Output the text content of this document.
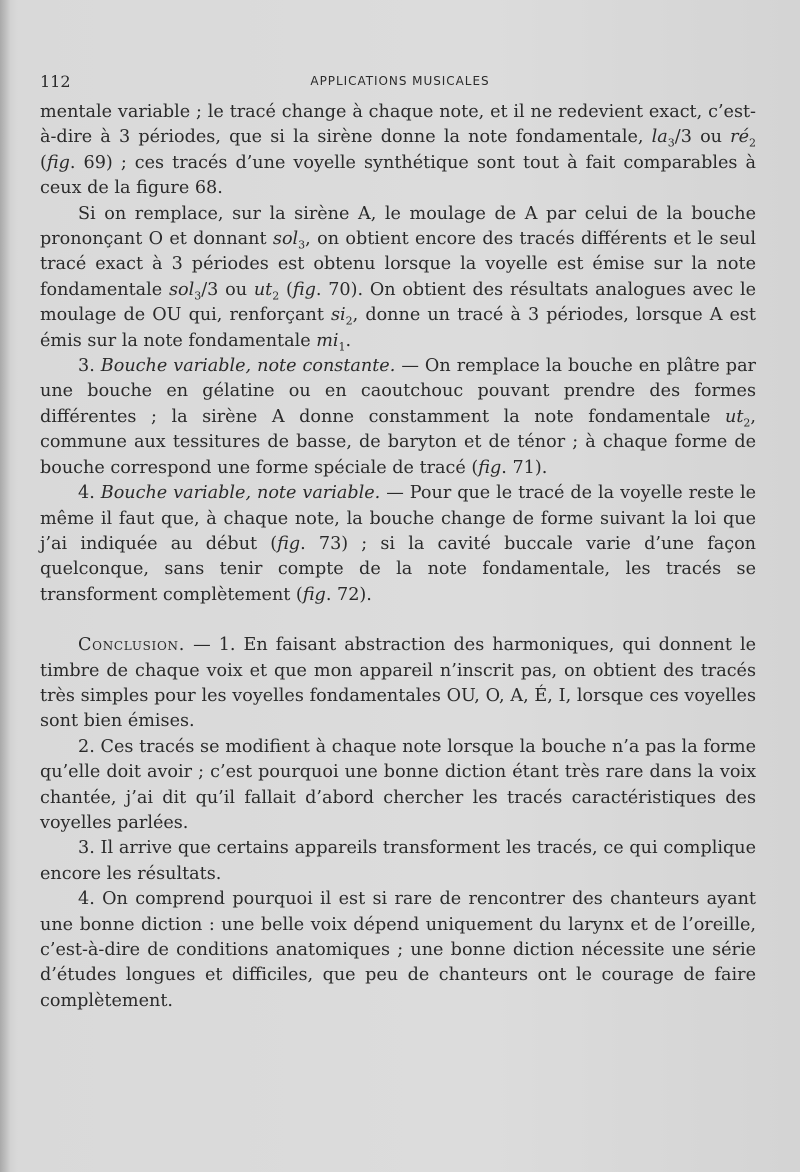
112	APPLICATIONS MUSICALES

mentale variable ; le tracé change à chaque note, et il ne redevient exact, c’est-à-dire à 3 périodes, que si la sirène donne la note fondamentale, $la_3/3$ ou $ré_2$ (fig. 69) ; ces tracés d’une voyelle synthétique sont tout à fait comparables à ceux de la figure 68.

Si on remplace, sur la sirène A, le moulage de A par celui de la bouche prononçant O et donnant sol$_3$, on obtient encore des tracés différents et le seul tracé exact à 3 périodes est obtenu lorsque la voyelle est émise sur la note fondamentale sol$_3$/3 ou $ut_2$ (fig. 70). On obtient des résultats analogues avec le moulage de OU qui, renforçant $si_2$, donne un tracé à 3 périodes, lorsque A est émis sur la note fondamentale $mi_1$.

3. Bouche variable, note constante. — On remplace la bouche en plâtre par une bouche en gélatine ou en caoutchouc pouvant prendre des formes différentes ; la sirène A donne constamment la note fondamentale $ut_2$, commune aux tessitures de basse, de baryton et de ténor ; à chaque forme de bouche correspond une forme spéciale de tracé (fig. 71).

4. Bouche variable, note variable. — Pour que le tracé de la voyelle reste le même il faut que, à chaque note, la bouche change de forme suivant la loi que j’ai indiquée au début (fig. 73) ; si la cavité buccale varie d’une façon quelconque, sans tenir compte de la note fondamentale, les tracés se transforment complètement (fig. 72).

Conclusion. — 1. En faisant abstraction des harmoniques, qui donnent le timbre de chaque voix et que mon appareil n’inscrit pas, on obtient des tracés très simples pour les voyelles fondamentales OU, O, A, É, I, lorsque ces voyelles sont bien émises.

2. Ces tracés se modifient à chaque note lorsque la bouche n’a pas la forme qu’elle doit avoir ; c’est pourquoi une bonne diction étant très rare dans la voix chantée, j’ai dit qu’il fallait d’abord chercher les tracés caractéristiques des voyelles parlées.

3. Il arrive que certains appareils transforment les tracés, ce qui complique encore les résultats.

4. On comprend pourquoi il est si rare de rencontrer des chanteurs ayant une bonne diction : une belle voix dépend uniquement du larynx et de l’oreille, c’est-à-dire de conditions anatomiques ; une bonne diction nécessite une série d’études longues et difficiles, que peu de chanteurs ont le courage de faire complètement.
